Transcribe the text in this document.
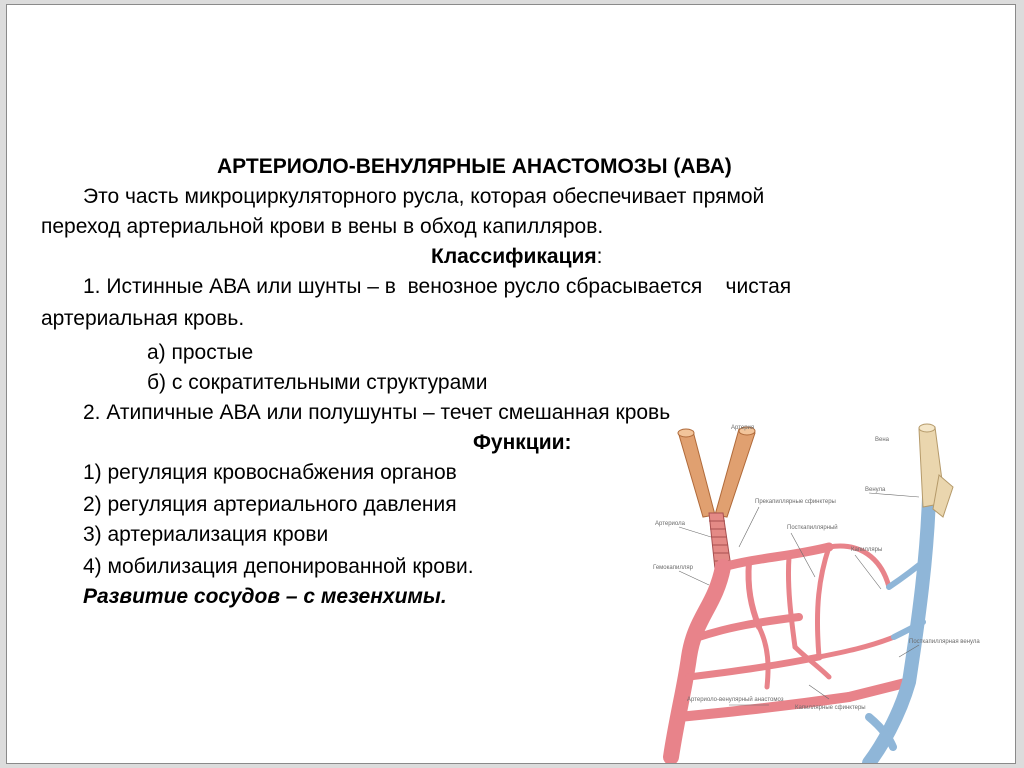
АРТЕРИОЛО-ВЕНУЛЯРНЫЕ АНАСТОМОЗЫ (АВА)
Это часть микроциркуляторного русла, которая обеспечивает прямой
переход артериальной крови в вены в обход капилляров.
Классификация:
1. Истинные АВА или шунты – в  венозное русло сбрасывается    чистая
артериальная кровь.
а) простые
б) с сократительными структурами
2. Атипичные АВА или полушунты – течет смешанная кровь
Функции:
1) регуляция кровоснабжения органов
2) регуляция артериального давления
3) артериализация крови
4) мобилизация депонированной крови.
Развитие сосудов – с мезенхимы.
Артерия
Артериола
Гемокапилляр
Прекапиллярные сфинктеры
Посткапиллярный
Капилляры
Вена
Венула
Посткапиллярная венула
Артериоло-венулярный анастомоз
Капиллярные сфинктеры
